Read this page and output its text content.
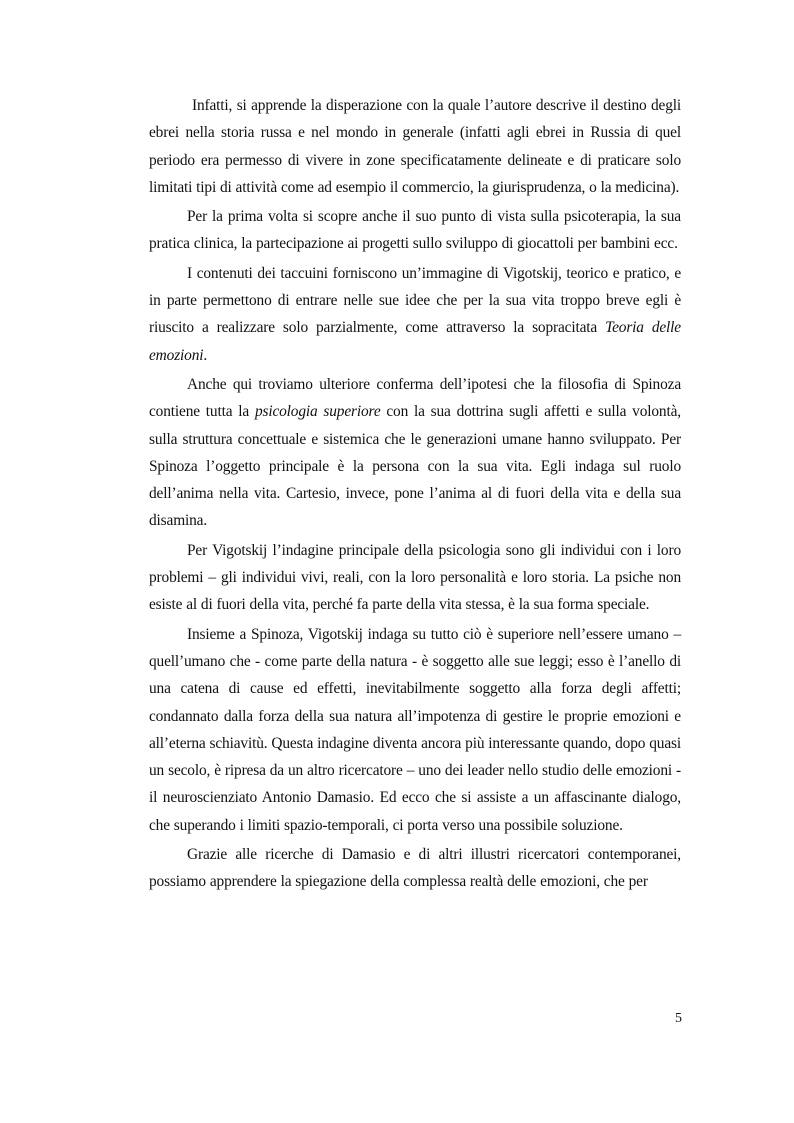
Infatti, si apprende la disperazione con la quale l’autore descrive il destino degli ebrei nella storia russa e nel mondo in generale (infatti agli ebrei in Russia di quel periodo era permesso di vivere in zone specificatamente delineate e di praticare solo limitati tipi di attività come ad esempio il commercio, la giurisprudenza, o la medicina).

Per la prima volta si scopre anche il suo punto di vista sulla psicoterapia, la sua pratica clinica, la partecipazione ai progetti sullo sviluppo di giocattoli per bambini ecc.

I contenuti dei taccuini forniscono un’immagine di Vigotskij, teorico e pratico, e in parte permettono di entrare nelle sue idee che per la sua vita troppo breve egli è riuscito a realizzare solo parzialmente, come attraverso la sopracitata Teoria delle emozioni.

Anche qui troviamo ulteriore conferma dell’ipotesi che la filosofia di Spinoza contiene tutta la psicologia superiore con la sua dottrina sugli affetti e sulla volontà, sulla struttura concettuale e sistemica che le generazioni umane hanno sviluppato. Per Spinoza l’oggetto principale è la persona con la sua vita. Egli indaga sul ruolo dell’anima nella vita. Cartesio, invece, pone l’anima al di fuori della vita e della sua disamina.

Per Vigotskij l’indagine principale della psicologia sono gli individui con i loro problemi – gli individui vivi, reali, con la loro personalità e loro storia. La psiche non esiste al di fuori della vita, perché fa parte della vita stessa, è la sua forma speciale.

Insieme a Spinoza, Vigotskij indaga su tutto ciò è superiore nell’essere umano – quell’umano che - come parte della natura - è soggetto alle sue leggi; esso è l’anello di una catena di cause ed effetti, inevitabilmente soggetto alla forza degli affetti; condannato dalla forza della sua natura all’impotenza di gestire le proprie emozioni e all’eterna schiavitù. Questa indagine diventa ancora più interessante quando, dopo quasi un secolo, è ripresa da un altro ricercatore – uno dei leader nello studio delle emozioni - il neuroscienziato Antonio Damasio. Ed ecco che si assiste a un affascinante dialogo, che superando i limiti spazio-temporali, ci porta verso una possibile soluzione.

Grazie alle ricerche di Damasio e di altri illustri ricercatori contemporanei, possiamo apprendere la spiegazione della complessa realtà delle emozioni, che per

5
